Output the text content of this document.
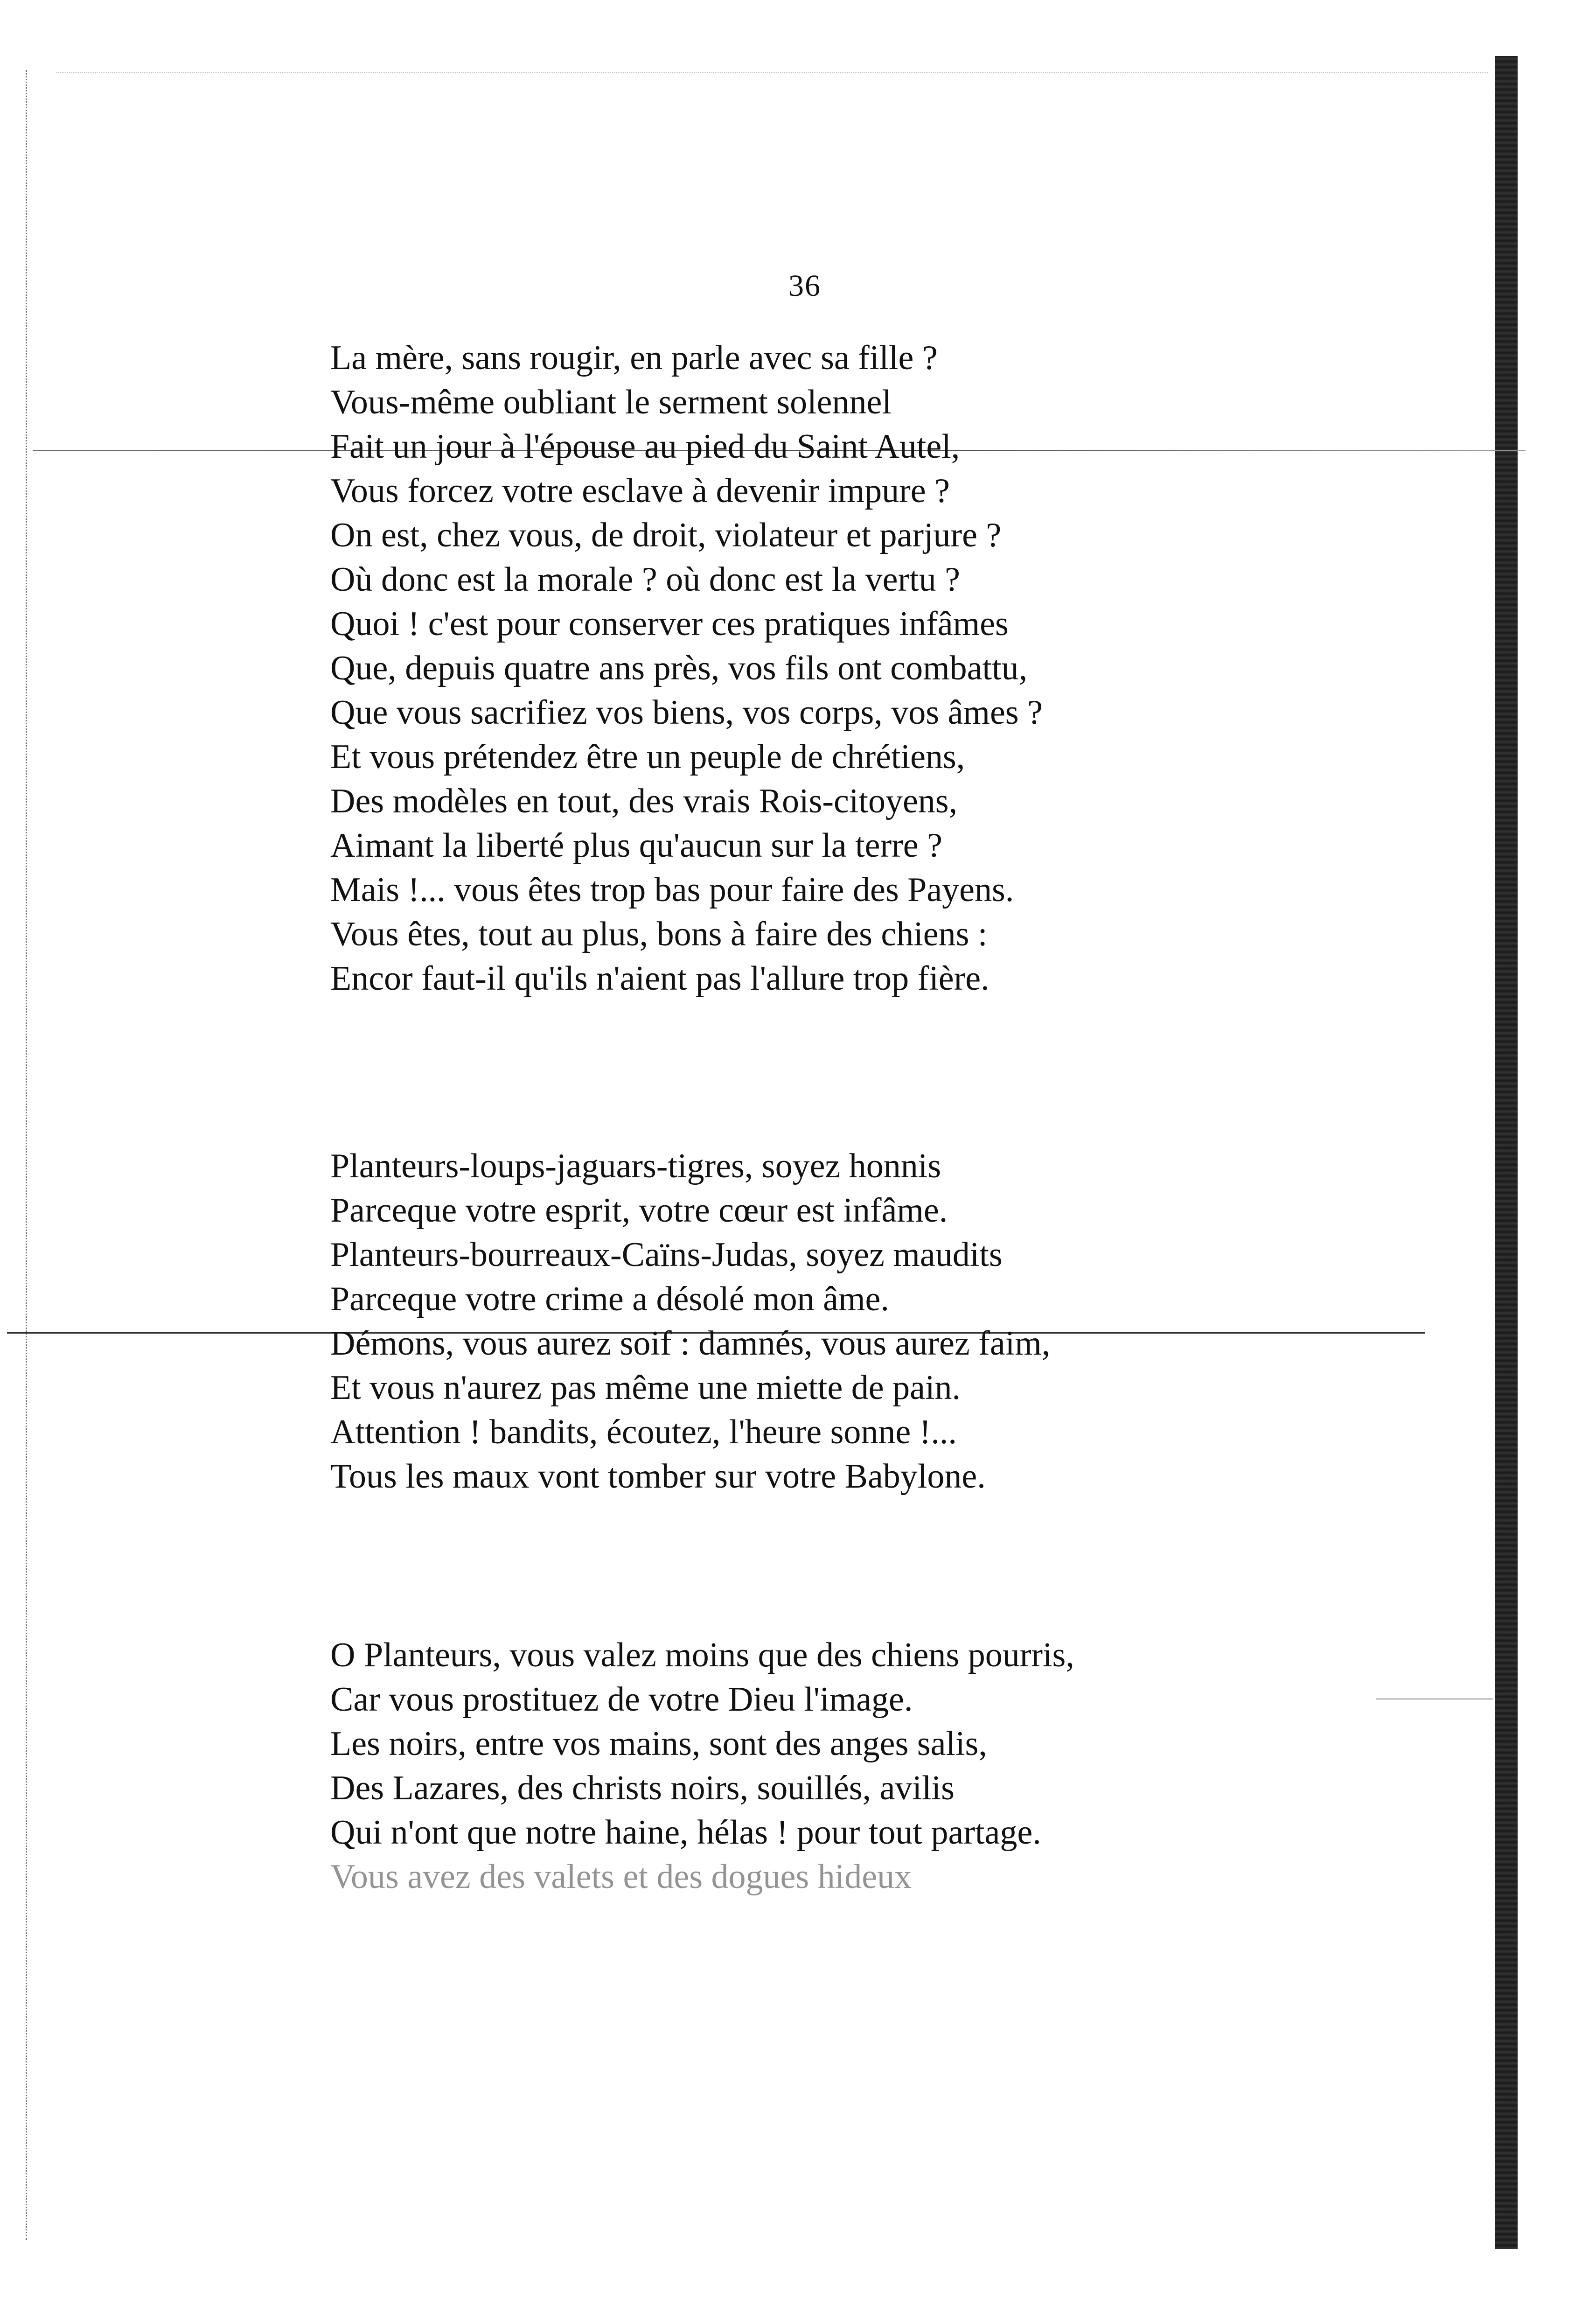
36
La mère, sans rougir, en parle avec sa fille ?
Vous-même oubliant le serment solennel
Fait un jour à l'épouse au pied du Saint Autel,
Vous forcez votre esclave à devenir impure ?
On est, chez vous, de droit, violateur et parjure ?
Où donc est la morale ? où donc est la vertu ?
Quoi ! c'est pour conserver ces pratiques infâmes
Que, depuis quatre ans près, vos fils ont combattu,
Que vous sacrifiez vos biens, vos corps, vos âmes ?
Et vous prétendez être un peuple de chrétiens,
Des modèles en tout, des vrais Rois-citoyens,
Aimant la liberté plus qu'aucun sur la terre ?
Mais !... vous êtes trop bas pour faire des Payens.
Vous êtes, tout au plus, bons à faire des chiens :
Encor faut-il qu'ils n'aient pas l'allure trop fière.
Planteurs-loups-jaguars-tigres, soyez honnis
Parceque votre esprit, votre cœur est infâme.
Planteurs-bourreaux-Caïns-Judas, soyez maudits
Parceque votre crime a désolé mon âme.
Démons, vous aurez soif : damnés, vous aurez faim,
Et vous n'aurez pas même une miette de pain.
Attention ! bandits, écoutez, l'heure sonne !...
Tous les maux vont tomber sur votre Babylone.
O Planteurs, vous valez moins que des chiens pourris,
Car vous prostituez de votre Dieu l'image.
Les noirs, entre vos mains, sont des anges salis,
Des Lazares, des christs noirs, souillés, avilis
Qui n'ont que notre haine, hélas ! pour tout partage.
Vous avez des valets et des dogues hideux
